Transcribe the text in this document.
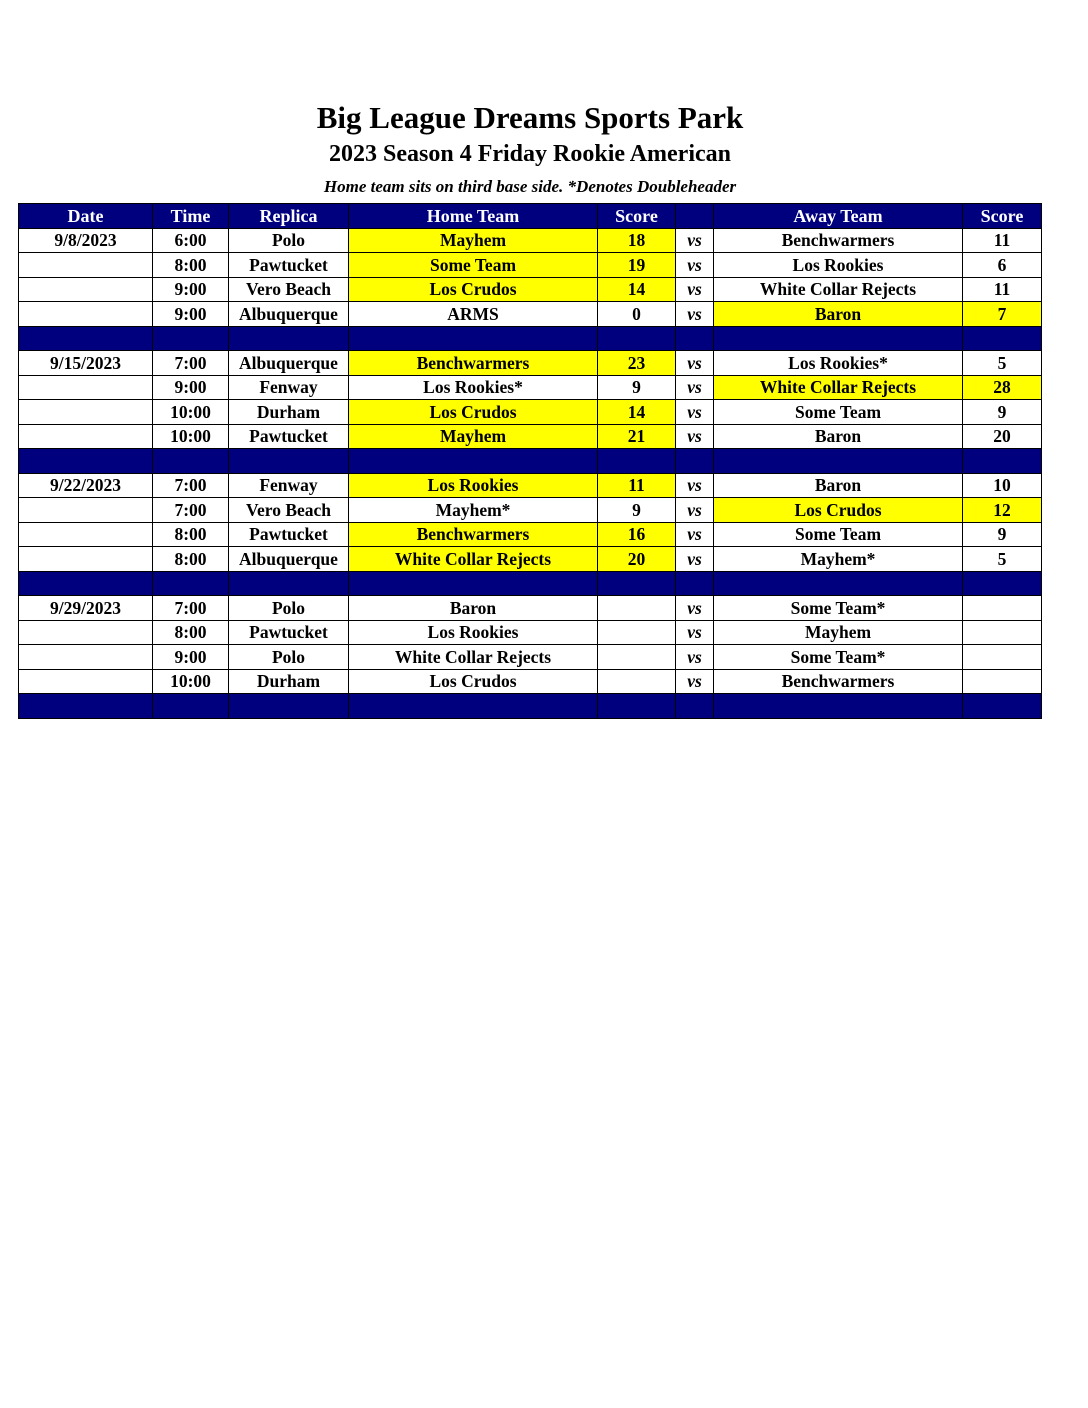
Big League Dreams Sports Park
2023 Season 4 Friday Rookie American
Home team sits on third base side. *Denotes Doubleheader
Date	Time	Replica	Home Team	Score		Away Team	Score
9/8/2023	6:00	Polo	Mayhem	18	vs	Benchwarmers	11
	8:00	Pawtucket	Some Team	19	vs	Los Rookies	6
	9:00	Vero Beach	Los Crudos	14	vs	White Collar Rejects	11
	9:00	Albuquerque	ARMS	0	vs	Baron	7

9/15/2023	7:00	Albuquerque	Benchwarmers	23	vs	Los Rookies*	5
	9:00	Fenway	Los Rookies*	9	vs	White Collar Rejects	28
	10:00	Durham	Los Crudos	14	vs	Some Team	9
	10:00	Pawtucket	Mayhem	21	vs	Baron	20

9/22/2023	7:00	Fenway	Los Rookies	11	vs	Baron	10
	7:00	Vero Beach	Mayhem*	9	vs	Los Crudos	12
	8:00	Pawtucket	Benchwarmers	16	vs	Some Team	9
	8:00	Albuquerque	White Collar Rejects	20	vs	Mayhem*	5

9/29/2023	7:00	Polo	Baron		vs	Some Team*	
	8:00	Pawtucket	Los Rookies		vs	Mayhem	
	9:00	Polo	White Collar Rejects		vs	Some Team*	
	10:00	Durham	Los Crudos		vs	Benchwarmers	
